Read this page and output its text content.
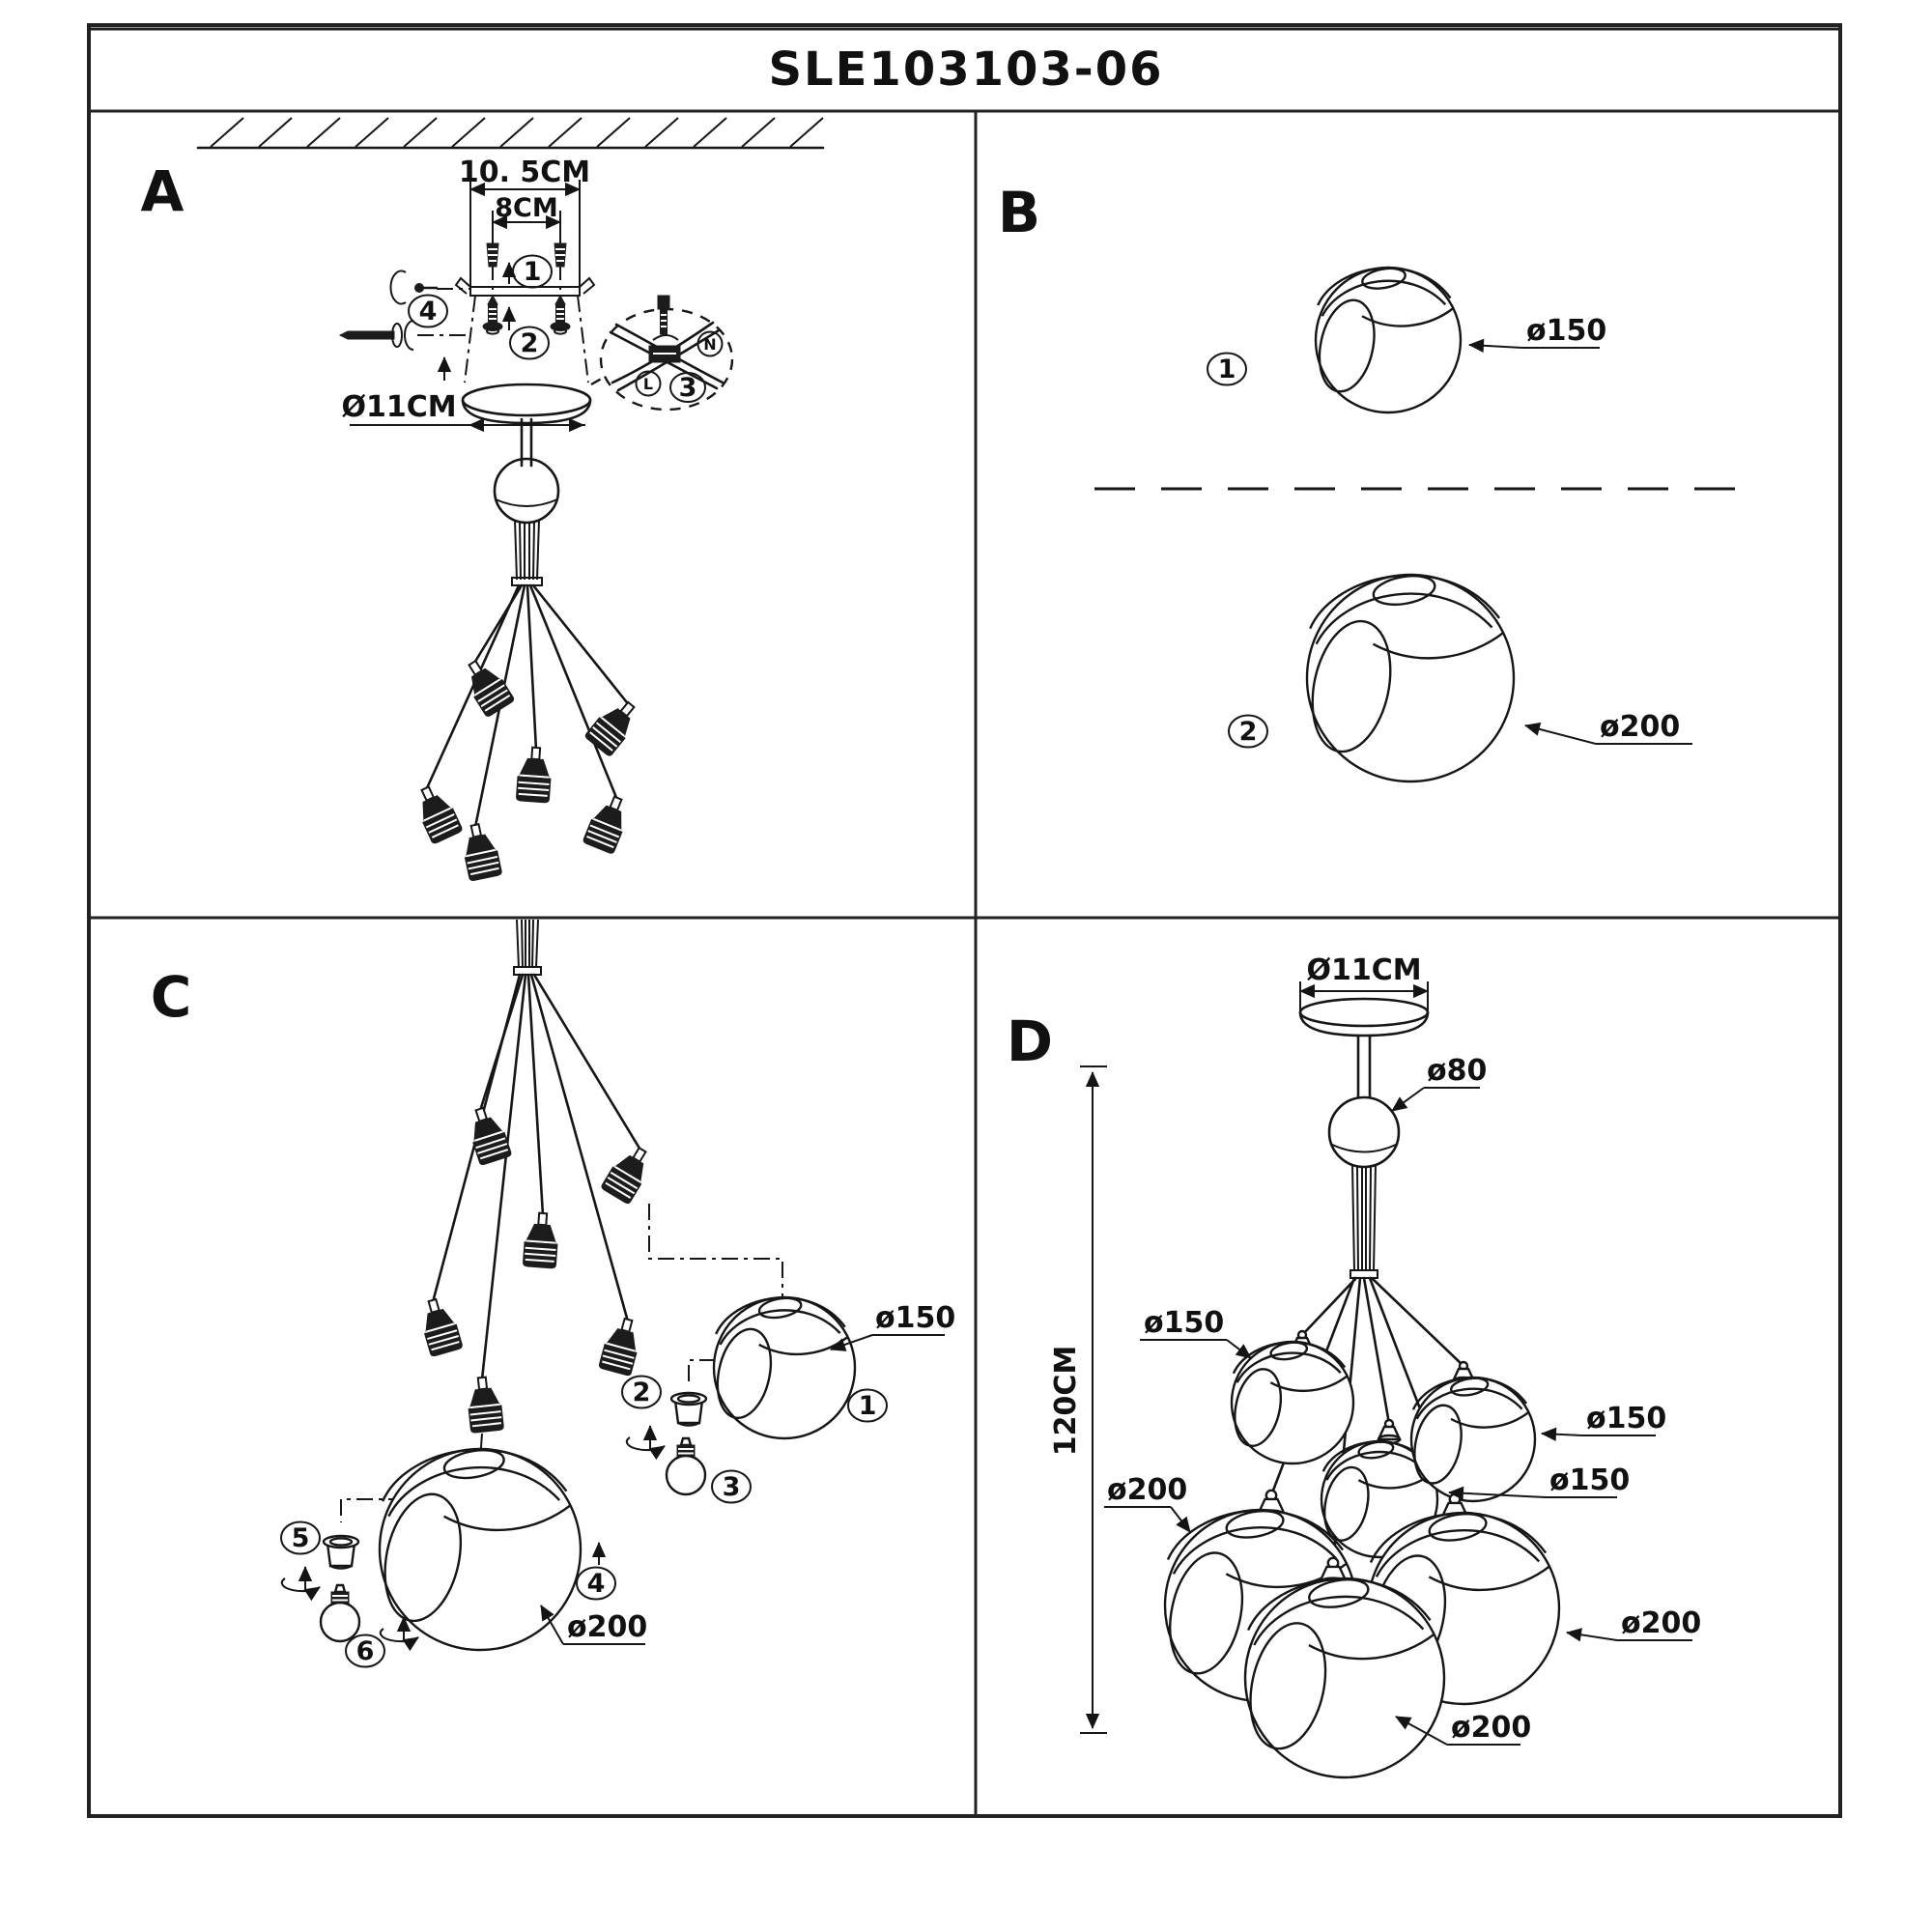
SLE103103-06
A	10. 5CM
8CM
1
2
4
Ø11CM
N
L 3
B
1
ø150
2	ø200
C
1
ø150
2
3
4
ø200
5
6
D
120CM
Ø11CM
ø80
ø150
ø150
ø150
ø200
ø200
ø200
